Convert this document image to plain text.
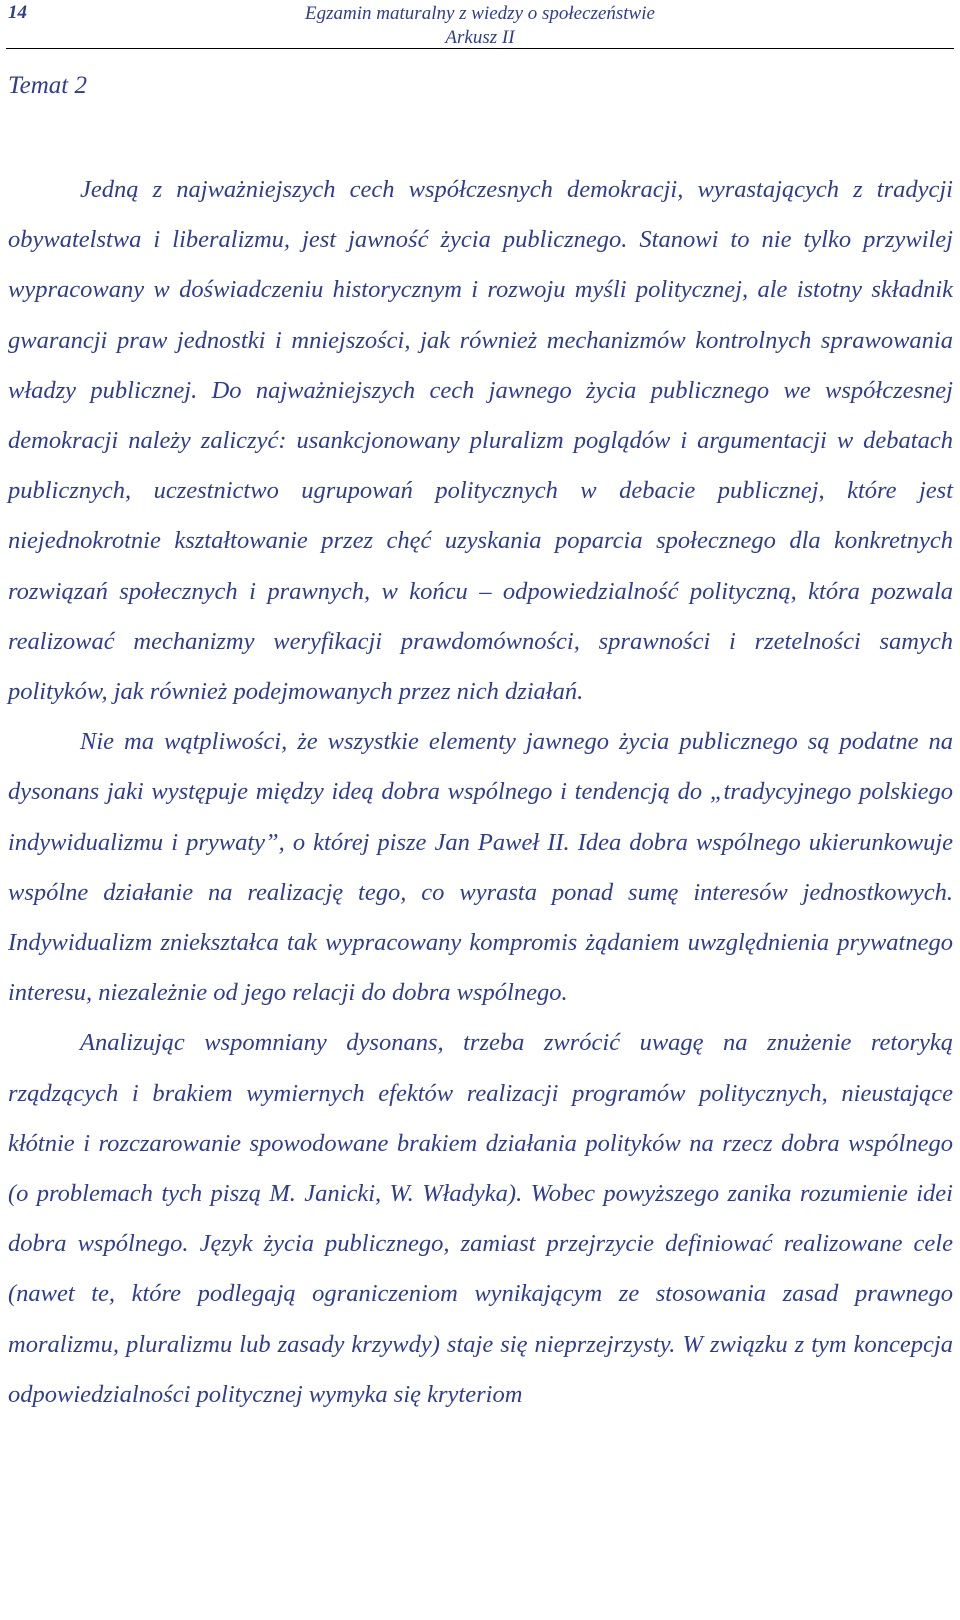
14	Egzamin maturalny z wiedzy o społeczeństwie
Arkusz II
Temat 2

Jedną z najważniejszych cech współczesnych demokracji, wyrastających z tradycji obywatelstwa i liberalizmu, jest jawność życia publicznego. Stanowi to nie tylko przywilej wypracowany w doświadczeniu historycznym i rozwoju myśli politycznej, ale istotny składnik gwarancji praw jednostki i mniejszości, jak również mechanizmów kontrolnych sprawowania władzy publicznej. Do najważniejszych cech jawnego życia publicznego we współczesnej demokracji należy zaliczyć: usankcjonowany pluralizm poglądów i argumentacji w debatach publicznych, uczestnictwo ugrupowań politycznych w debacie publicznej, które jest niejednokrotnie kształtowanie przez chęć uzyskania poparcia społecznego dla konkretnych rozwiązań społecznych i prawnych, w końcu – odpowiedzialność polityczną, która pozwala realizować mechanizmy weryfikacji prawdomówności, sprawności i rzetelności samych polityków, jak również podejmowanych przez nich działań.

Nie ma wątpliwości, że wszystkie elementy jawnego życia publicznego są podatne na dysonans jaki występuje między ideą dobra wspólnego i tendencją do „tradycyjnego polskiego indywidualizmu i prywaty”, o której pisze Jan Paweł II. Idea dobra wspólnego ukierunkowuje wspólne działanie na realizację tego, co wyrasta ponad sumę interesów jednostkowych. Indywidualizm zniekształca tak wypracowany kompromis żądaniem uwzględnienia prywatnego interesu, niezależnie od jego relacji do dobra wspólnego.

Analizując wspomniany dysonans, trzeba zwrócić uwagę na znużenie retoryką rządzących i brakiem wymiernych efektów realizacji programów politycznych, nieustające kłótnie i rozczarowanie spowodowane brakiem działania polityków na rzecz dobra wspólnego (o problemach tych piszą M. Janicki, W. Władyka). Wobec powyższego zanika rozumienie idei dobra wspólnego. Język życia publicznego, zamiast przejrzycie definiować realizowane cele (nawet te, które podlegają ograniczeniom wynikającym ze stosowania zasad prawnego moralizmu, pluralizmu lub zasady krzywdy) staje się nieprzejrzysty. W związku z tym koncepcja odpowiedzialności politycznej wymyka się kryteriom
